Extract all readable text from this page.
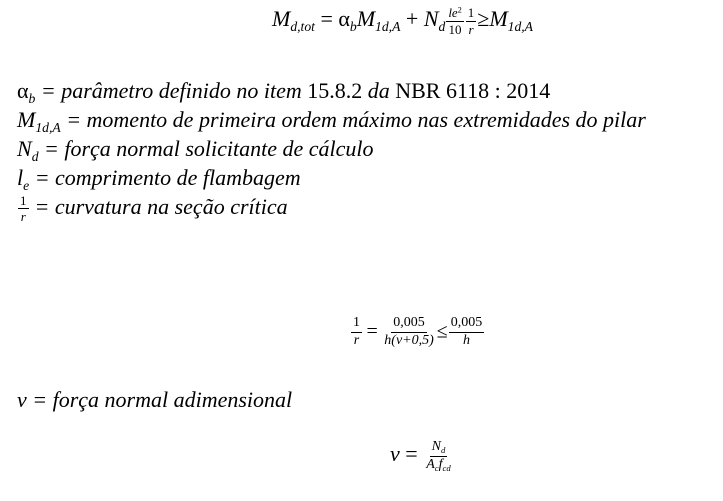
$M_{d,tot} = \alpha_bM_{1d,A} + N_d \frac{le^2}{10} \frac{1}{r} \ge M_{1d,A}$
$\alpha_b$ = parâmetro definido no item 15.8.2 da NBR 6118 : 2014
$M_{1d,A}$ = momento de primeira ordem máximo nas extremidades do pilar
$N_d$ = força normal solicitante de cálculo
$l_e$ = comprimento de flambagem
$\frac{1}{r}$ = curvatura na seção crítica
$\frac{1}{r} = \frac{0,005}{h(v+0,5)} \le \frac{0,005}{h}$
v = força normal adimensional
$v = \frac{N_d}{A_cf_{cd}}$
